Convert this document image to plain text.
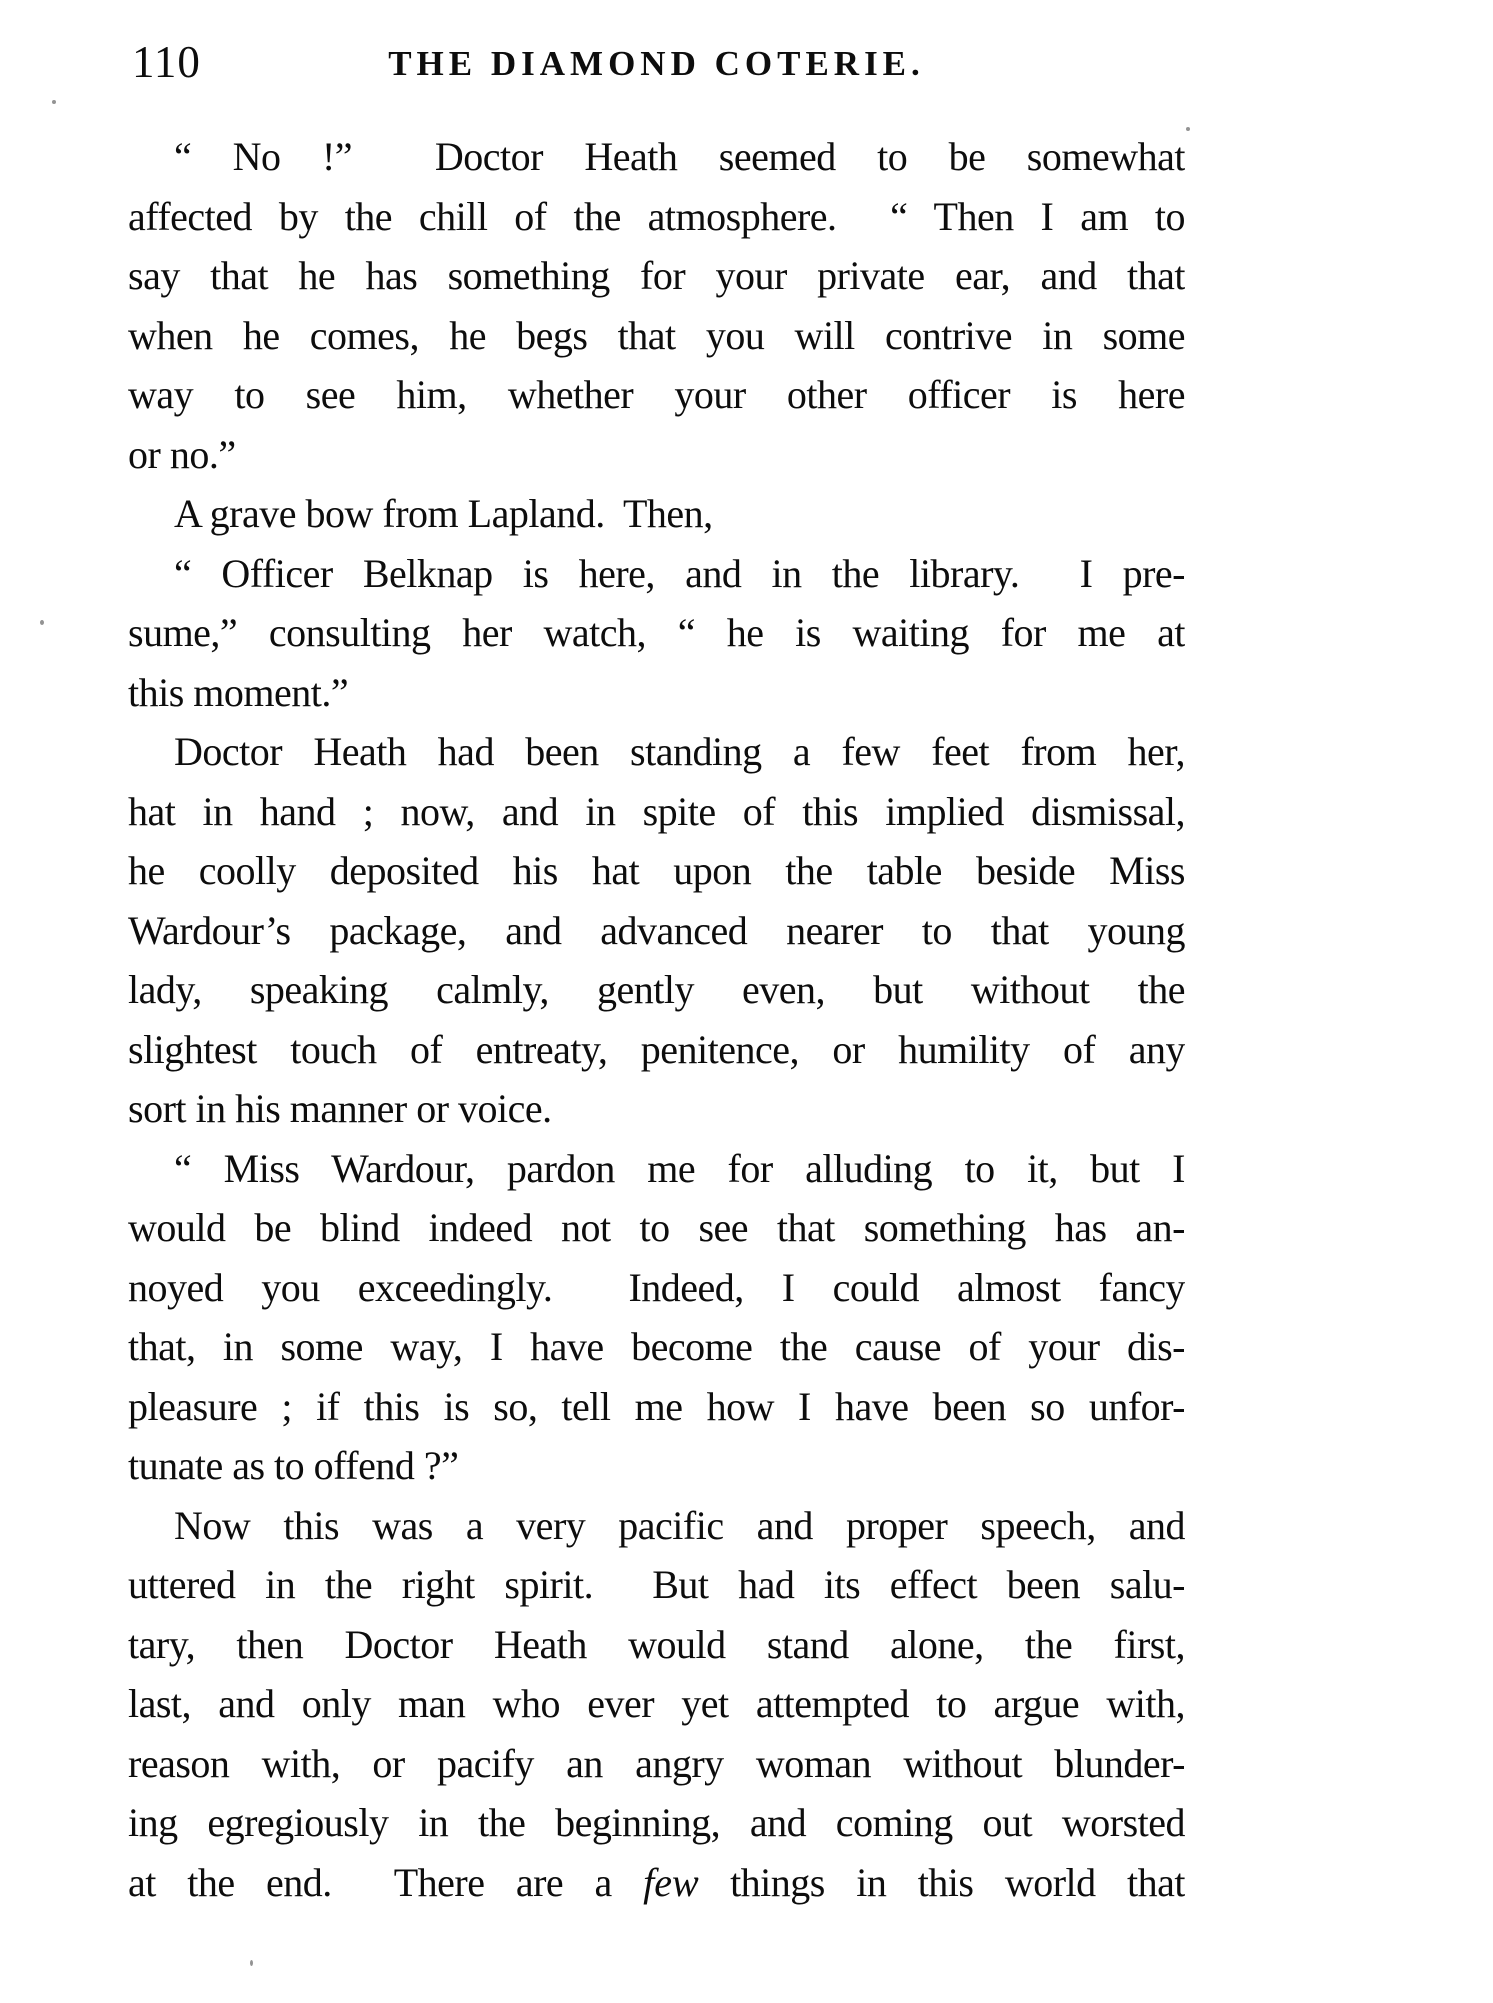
110	THE DIAMOND COTERIE.

“ No !”  Doctor Heath seemed to be somewhat

affected by the chill of the atmosphere.  “ Then I am to

say that he has something for your private ear, and that

when he comes, he begs that you will contrive in some

way to see him, whether your other officer is here

or no.”

A grave bow from Lapland.  Then,

“ Officer Belknap is here, and in the library.  I pre-

sume,” consulting her watch, “ he is waiting for me at

this moment.”

Doctor Heath had been standing a few feet from her,

hat in hand ; now, and in spite of this implied dismissal,

he coolly deposited his hat upon the table beside Miss

Wardour’s package, and advanced nearer to that young

lady, speaking calmly, gently even, but without the

slightest touch of entreaty, penitence, or humility of any

sort in his manner or voice.

“ Miss Wardour, pardon me for alluding to it, but I

would be blind indeed not to see that something has an-

noyed you exceedingly.  Indeed, I could almost fancy

that, in some way, I have become the cause of your dis-

pleasure ; if this is so, tell me how I have been so unfor-

tunate as to offend ?”

Now this was a very pacific and proper speech, and

uttered in the right spirit.  But had its effect been salu-

tary, then Doctor Heath would stand alone, the first,

last, and only man who ever yet attempted to argue with,

reason with, or pacify an angry woman without blunder-

ing egregiously in the beginning, and coming out worsted

at the end.  There are a few things in this world that
